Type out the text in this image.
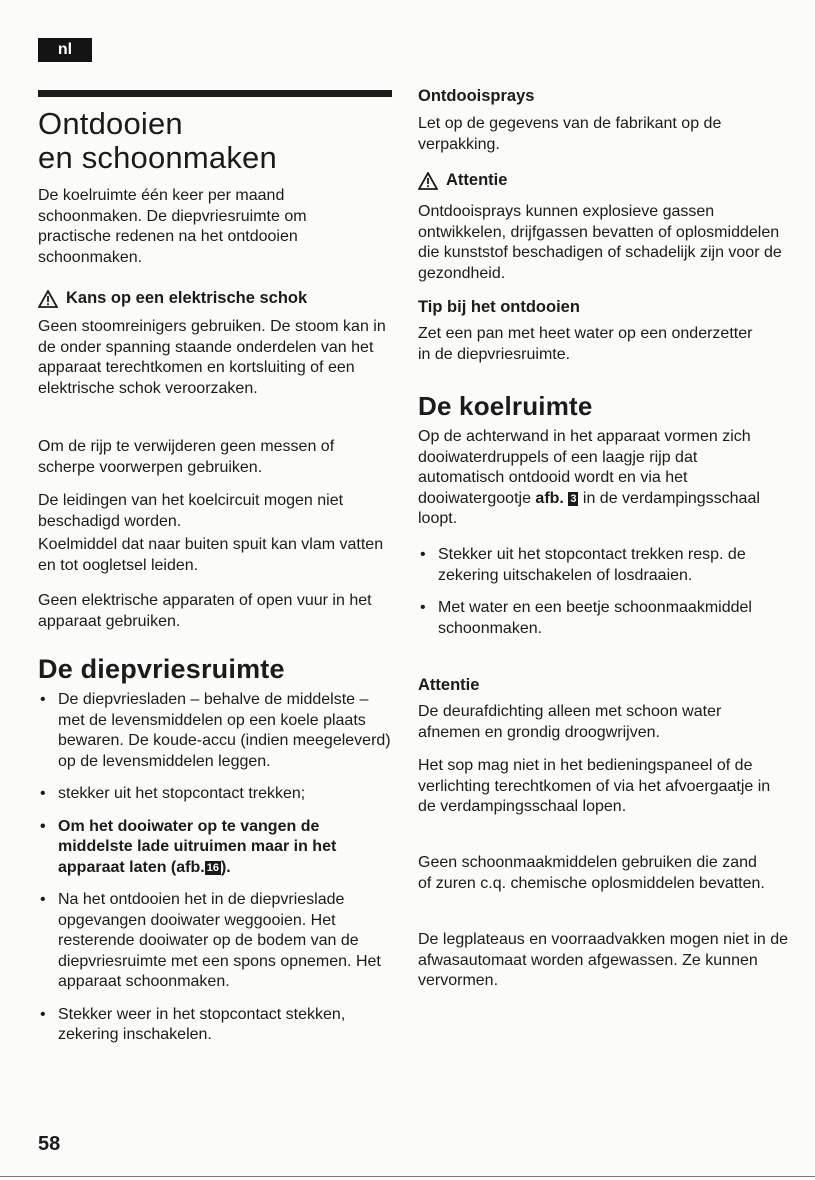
nl
Ontdooien
en schoonmaken

De koelruimte één keer per maand schoonmaken. De diepvriesruimte om practische redenen na het ontdooien schoonmaken.

Kans op een elektrische schok

Geen stoomreinigers gebruiken. De stoom kan in de onder spanning staande onderdelen van het apparaat terechtkomen en kortsluiting of een elektrische schok veroorzaken.

Om de rijp te verwijderen geen messen of scherpe voorwerpen gebruiken.

De leidingen van het koelcircuit mogen niet beschadigd worden.

Koelmiddel dat naar buiten spuit kan vlam vatten en tot oogletsel leiden.

Geen elektrische apparaten of open vuur in het apparaat gebruiken.

De diepvriesruimte
• De diepvriesladen – behalve de middelste – met de levensmiddelen op een koele plaats bewaren. De koude-accu (indien meegeleverd) op de levensmiddelen leggen.
• stekker uit het stopcontact trekken;
• Om het dooiwater op te vangen de middelste lade uitruimen maar in het apparaat laten (afb. 16 ).
• Na het ontdooien het in de diepvrieslade opgevangen dooiwater weggooien. Het resterende dooiwater op de bodem van de diepvriesruimte met een spons opnemen. Het apparaat schoonmaken.
• Stekker weer in het stopcontact stekken, zekering inschakelen.
Ontdooisprays

Let op de gegevens van de fabrikant op de verpakking.

Attentie

Ontdooisprays kunnen explosieve gassen ontwikkelen, drijfgassen bevatten of oplosmiddelen die kunststof beschadigen of schadelijk zijn voor de gezondheid.

Tip bij het ontdooien

Zet een pan met heet water op een onderzetter in de diepvriesruimte.

De koelruimte

Op de achterwand in het apparaat vormen zich dooiwaterdruppels of een laagje rijp dat automatisch ontdooid wordt en via het dooiwatergootje afb. 3 in de verdampingsschaal loopt.

• Stekker uit het stopcontact trekken resp. de zekering uitschakelen of losdraaien.
• Met water en een beetje schoonmaakmiddel schoonmaken.
Attentie

De deurafdichting alleen met schoon water afnemen en grondig droogwrijven.

Het sop mag niet in het bedieningspaneel of de verlichting terechtkomen of via het afvoergaatje in de verdampingsschaal lopen.

Geen schoonmaakmiddelen gebruiken die zand of zuren c.q. chemische oplosmiddelen bevatten.

De legplateaus en voorraadvakken mogen niet in de afwasautomaat worden afgewassen. Ze kunnen vervormen.

58
